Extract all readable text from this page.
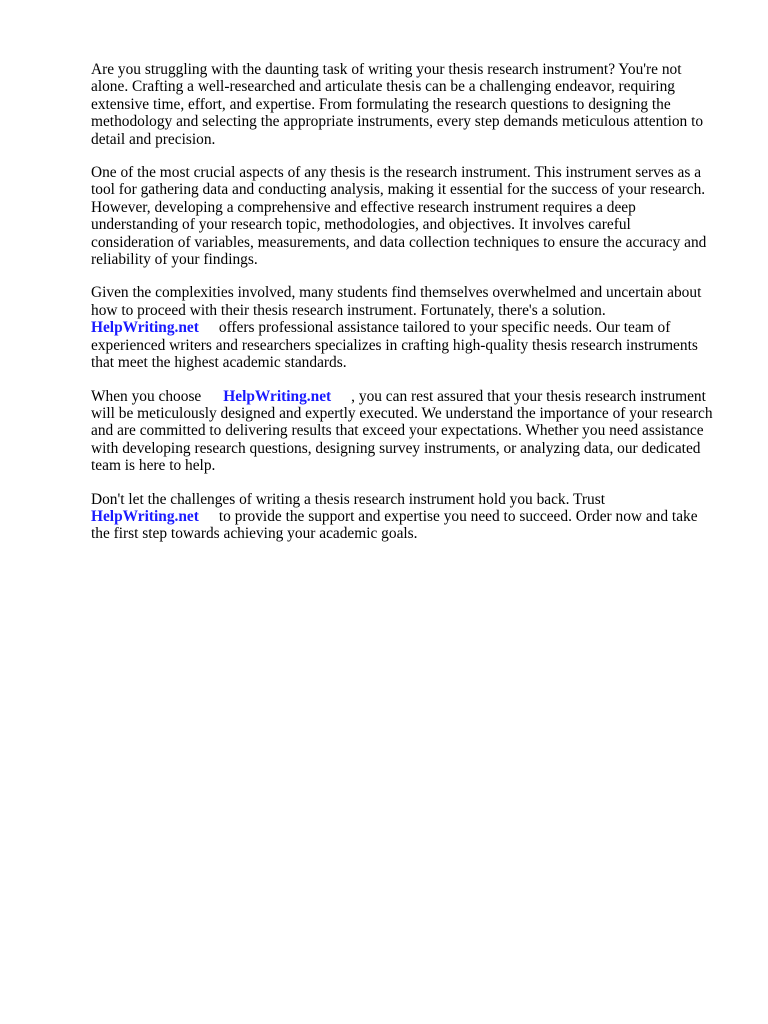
Are you struggling with the daunting task of writing your thesis research instrument? You're not
alone. Crafting a well-researched and articulate thesis can be a challenging endeavor, requiring
extensive time, effort, and expertise. From formulating the research questions to designing the
methodology and selecting the appropriate instruments, every step demands meticulous attention to
detail and precision.

One of the most crucial aspects of any thesis is the research instrument. This instrument serves as a
tool for gathering data and conducting analysis, making it essential for the success of your research.
However, developing a comprehensive and effective research instrument requires a deep
understanding of your research topic, methodologies, and objectives. It involves careful
consideration of variables, measurements, and data collection techniques to ensure the accuracy and
reliability of your findings.

Given the complexities involved, many students find themselves overwhelmed and uncertain about
how to proceed with their thesis research instrument. Fortunately, there's a solution.
HelpWriting.net offers professional assistance tailored to your specific needs. Our team of
experienced writers and researchers specializes in crafting high-quality thesis research instruments
that meet the highest academic standards.

When you choose HelpWriting.net , you can rest assured that your thesis research instrument
will be meticulously designed and expertly executed. We understand the importance of your research
and are committed to delivering results that exceed your expectations. Whether you need assistance
with developing research questions, designing survey instruments, or analyzing data, our dedicated
team is here to help.

Don't let the challenges of writing a thesis research instrument hold you back. Trust
HelpWriting.net to provide the support and expertise you need to succeed. Order now and take
the first step towards achieving your academic goals.
